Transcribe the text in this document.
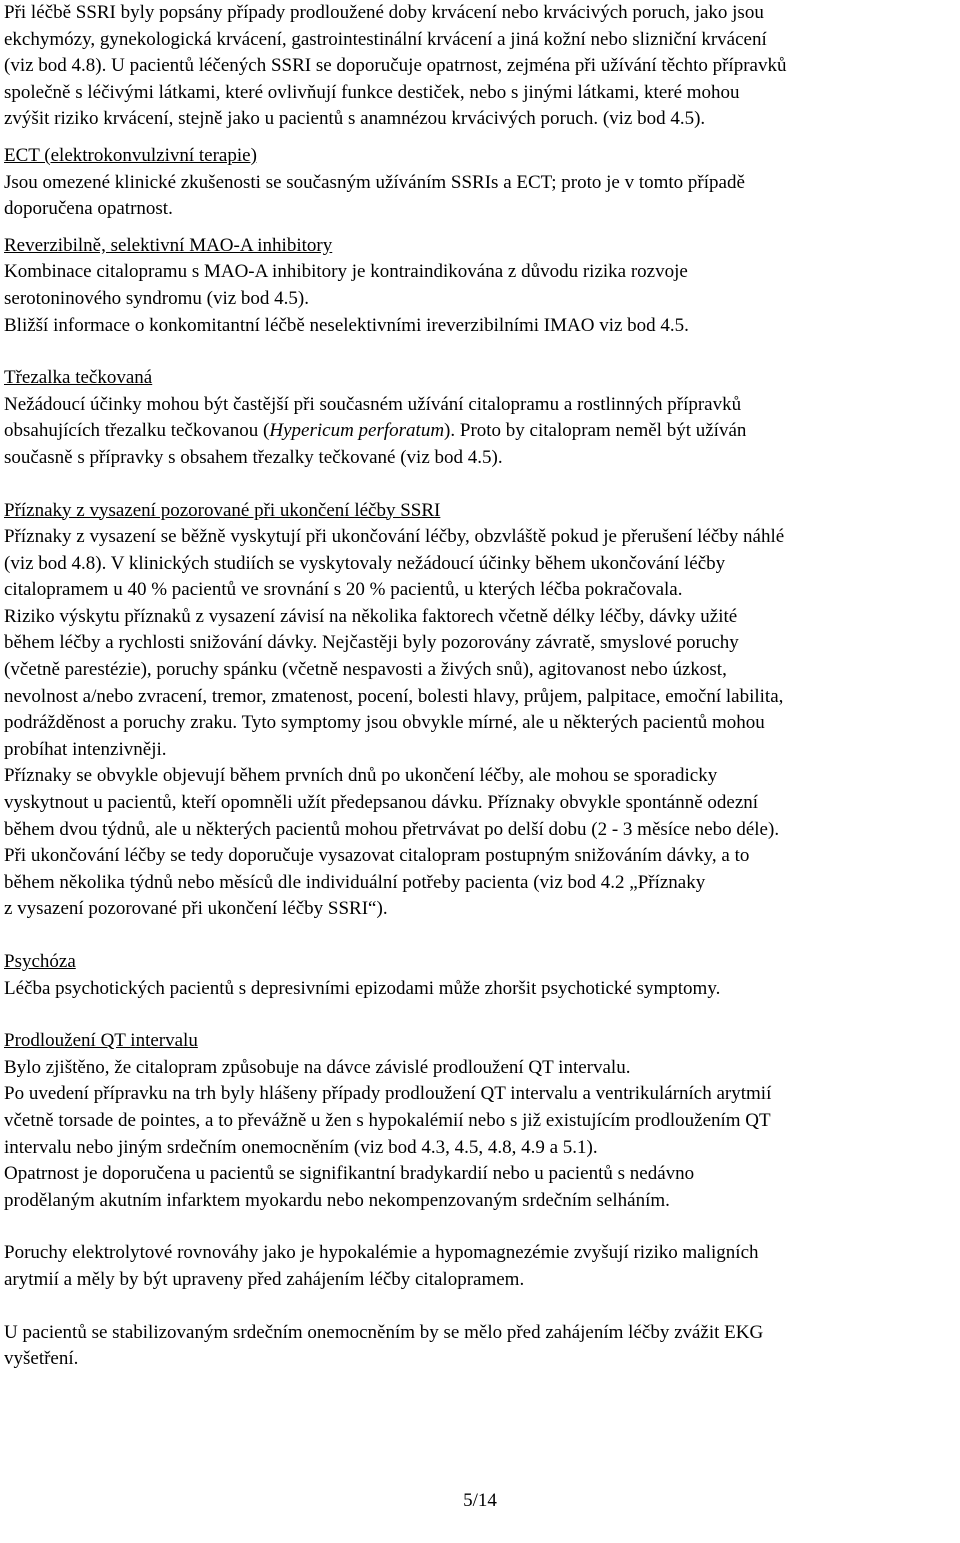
Při léčbě SSRI byly popsány případy prodloužené doby krvácení nebo krvácivých poruch, jako jsou

ekchymózy, gynekologická krvácení, gastrointestinální krvácení a jiná kožní nebo slizniční krvácení

(viz bod 4.8). U pacientů léčených SSRI se doporučuje opatrnost, zejména při užívání těchto přípravků

společně s léčivými látkami, které ovlivňují funkce destiček, nebo s jinými látkami, které mohou

zvýšit riziko krvácení, stejně jako u pacientů s anamnézou krvácivých poruch. (viz bod 4.5).

ECT (elektrokonvulzivní terapie)

Jsou omezené klinické zkušenosti se současným užíváním SSRIs a ECT; proto je v tomto případě

doporučena opatrnost.

Reverzibilně, selektivní MAO-A inhibitory

Kombinace citalopramu s MAO-A inhibitory je kontraindikována z důvodu rizika rozvoje

serotoninového syndromu (viz bod 4.5).

Bližší informace o konkomitantní léčbě neselektivními ireverzibilními IMAO viz bod 4.5.

Třezalka tečkovaná

Nežádoucí účinky mohou být častější při současném užívání citalopramu a rostlinných přípravků

obsahujících třezalku tečkovanou (Hypericum perforatum). Proto by citalopram neměl být užíván

současně s přípravky s obsahem třezalky tečkované (viz bod 4.5).

Příznaky z vysazení pozorované při ukončení léčby SSRI

Příznaky z vysazení se běžně vyskytují při ukončování léčby, obzvláště pokud je přerušení léčby náhlé

(viz bod 4.8). V klinických studiích se vyskytovaly nežádoucí účinky během ukončování léčby

citalopramem u 40 % pacientů ve srovnání s 20 % pacientů, u kterých léčba pokračovala.

Riziko výskytu příznaků z vysazení závisí na několika faktorech včetně délky léčby, dávky užité

během léčby a rychlosti snižování dávky. Nejčastěji byly pozorovány závratě, smyslové poruchy

(včetně parestézie), poruchy spánku (včetně nespavosti a živých snů), agitovanost nebo úzkost,

nevolnost a/nebo zvracení, tremor, zmatenost, pocení, bolesti hlavy, průjem, palpitace, emoční labilita,

podrážděnost a poruchy zraku. Tyto symptomy jsou obvykle mírné, ale u některých pacientů mohou

probíhat intenzivněji.

Příznaky se obvykle objevují během prvních dnů po ukončení léčby, ale mohou se sporadicky

vyskytnout u pacientů, kteří opomněli užít předepsanou dávku. Příznaky obvykle spontánně odezní

během dvou týdnů, ale u některých pacientů mohou přetrvávat po delší dobu (2 - 3 měsíce nebo déle).

Při ukončování léčby se tedy doporučuje vysazovat citalopram postupným snižováním dávky, a to

během několika týdnů nebo měsíců dle individuální potřeby pacienta (viz bod 4.2 „Příznaky

z vysazení pozorované při ukončení léčby SSRI“).

Psychóza

Léčba psychotických pacientů s depresivními epizodami může zhoršit psychotické symptomy.

Prodloužení QT intervalu

Bylo zjištěno, že citalopram způsobuje na dávce závislé prodloužení QT intervalu.

Po uvedení přípravku na trh byly hlášeny případy prodloužení QT intervalu a ventrikulárních arytmií

včetně torsade de pointes, a to převážně u žen s hypokalémií nebo s již existujícím prodloužením QT

intervalu nebo jiným srdečním onemocněním (viz bod 4.3, 4.5, 4.8, 4.9 a 5.1).

Opatrnost je doporučena u pacientů se signifikantní bradykardií nebo u pacientů s nedávno

prodělaným akutním infarktem myokardu nebo nekompenzovaným srdečním selháním.

Poruchy elektrolytové rovnováhy jako je hypokalémie a hypomagnezémie zvyšují riziko maligních

arytmií a měly by být upraveny před zahájením léčby citalopramem.

U pacientů se stabilizovaným srdečním onemocněním by se mělo před zahájením léčby zvážit EKG

vyšetření.

5/14
